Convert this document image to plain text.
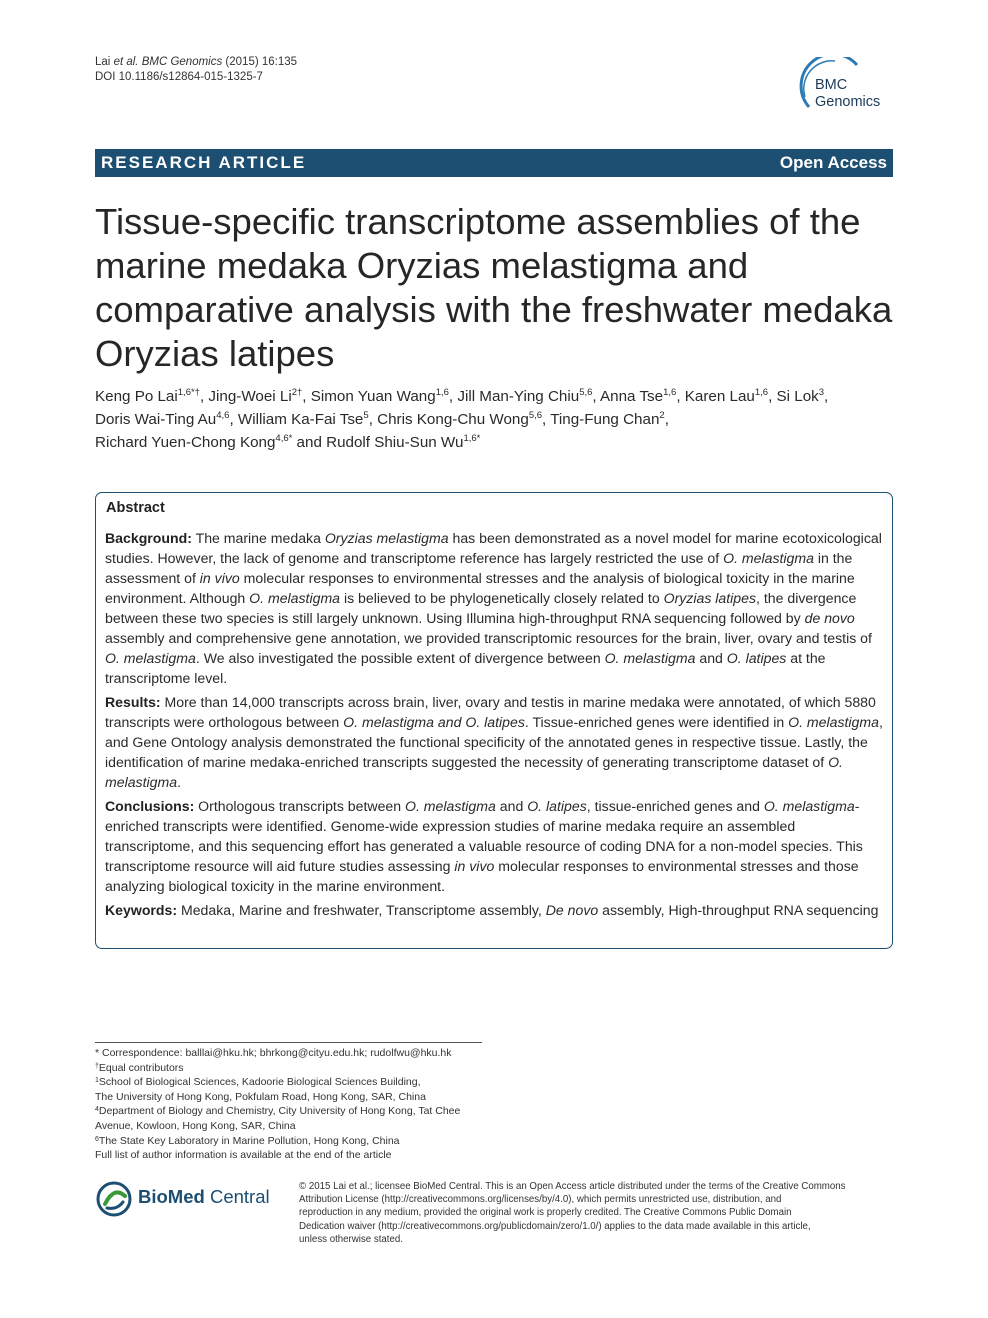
Lai et al. BMC Genomics (2015) 16:135
DOI 10.1186/s12864-015-1325-7	BMC
Genomics
RESEARCH ARTICLE	Open Access
Tissue-specific transcriptome assemblies of the
marine medaka Oryzias melastigma and
comparative analysis with the freshwater medaka
Oryzias latipes
Keng Po Lai$^{1,6*\dagger}$, Jing-Woei $Li^{2\dagger}$, Simon Yuan Wang$^{1,6}$, Jill Man-Ying Chiu$^{5,6}$, Anna Tse$^{1,6}$, Karen Lau$^{1,6}$, Si Lok$^3$,
Doris Wai-Ting Au$^{4,6}$, William Ka-Fai Tse$^5$, Chris Kong-Chu Wong$^{5,6}$, Ting-Fung Chan$^2$,
Richard Yuen-Chong Kong$^{4,6*}$ and Rudolf Shiu-Sun $Wu^{1,6*}$
Abstract

Background: The marine medaka Oryzias melastigma has been demonstrated as a novel model for marine ecotoxicological studies. However, the lack of genome and transcriptome reference has largely restricted the use of O. melastigma in the assessment of in vivo molecular responses to environmental stresses and the analysis of biological toxicity in the marine environment. Although O. melastigma is believed to be phylogenetically closely related to Oryzias latipes, the divergence between these two species is still largely unknown. Using Illumina high-throughput RNA sequencing followed by de novo assembly and comprehensive gene annotation, we provided transcriptomic resources for the brain, liver, ovary and testis of O. melastigma. We also investigated the possible extent of divergence between O. melastigma and O. latipes at the transcriptome level.

Results: More than 14,000 transcripts across brain, liver, ovary and testis in marine medaka were annotated, of which 5880 transcripts were orthologous between O. melastigma and O. latipes. Tissue-enriched genes were identified in O. melastigma, and Gene Ontology analysis demonstrated the functional specificity of the annotated genes in respective tissue. Lastly, the identification of marine medaka-enriched transcripts suggested the necessity of generating transcriptome dataset of O. melastigma.

Conclusions: Orthologous transcripts between O. melastigma and O. latipes, tissue-enriched genes and O. melastigma-enriched transcripts were identified. Genome-wide expression studies of marine medaka require an assembled transcriptome, and this sequencing effort has generated a valuable resource of coding DNA for a non-model species. This transcriptome resource will aid future studies assessing in vivo molecular responses to environmental stresses and those analyzing biological toxicity in the marine environment.

Keywords: Medaka, Marine and freshwater, Transcriptome assembly, De novo assembly, High-throughput RNA sequencing

* Correspondence: balllai@hku.hk; bhrkong@cityu.edu.hk; rudolfwu@hku.hk
†Equal contributors
$^1$School of Biological Sciences, Kadoorie Biological Sciences Building,
The University of Hong Kong, Pokfulam Road, Hong Kong, SAR, China
$^4$Department of Biology and Chemistry, City University of Hong Kong, Tat Chee
Avenue, Kowloon, Hong Kong, SAR, China
$^6$The State Key Laboratory in Marine Pollution, Hong Kong, China
Full list of author information is available at the end of the article
BioMed Central	© 2015 Lai et al.; licensee BioMed Central. This is an Open Access article distributed under the terms of the Creative Commons
Attribution License (http://creativecommons.org/licenses/by/4.0), which permits unrestricted use, distribution, and
reproduction in any medium, provided the original work is properly credited. The Creative Commons Public Domain
Dedication waiver (http://creativecommons.org/publicdomain/zero/1.0/) applies to the data made available in this article,
unless otherwise stated.
